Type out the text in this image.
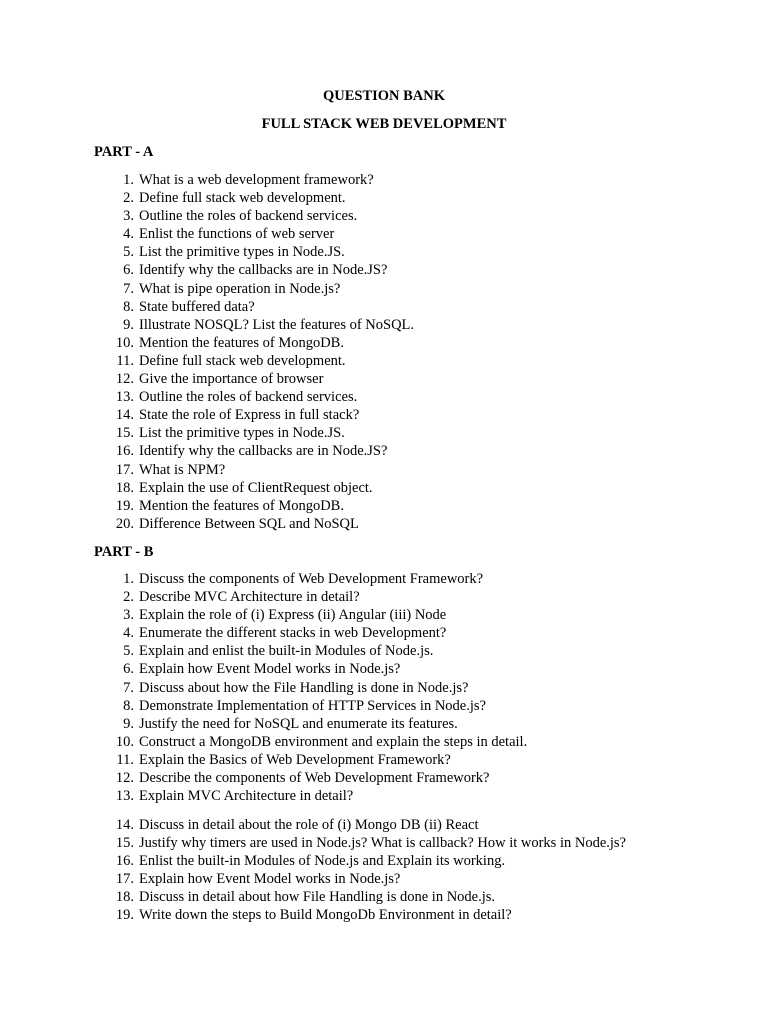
QUESTION BANK
FULL STACK WEB DEVELOPMENT
PART - A
1. What is a web development framework?
2. Define full stack web development.
3. Outline the roles of backend services.
4. Enlist the functions of web server
5. List the primitive types in Node.JS.
6. Identify why the callbacks are in Node.JS?
7. What is pipe operation in Node.js?
8. State buffered data?
9. Illustrate NOSQL? List the features of NoSQL.
10. Mention the features of MongoDB.
11. Define full stack web development.
12. Give the importance of browser
13. Outline the roles of backend services.
14. State the role of Express in full stack?
15. List the primitive types in Node.JS.
16. Identify why the callbacks are in Node.JS?
17. What is NPM?
18. Explain the use of ClientRequest object.
19. Mention the features of MongoDB.
20. Difference Between SQL and NoSQL
PART - B
1. Discuss the components of Web Development Framework?
2. Describe MVC Architecture in detail?
3. Explain the role of (i) Express (ii) Angular (iii) Node
4. Enumerate the different stacks in web Development?
5. Explain and enlist the built-in Modules of Node.js.
6. Explain how Event Model works in Node.js?
7. Discuss about how the File Handling is done in Node.js?
8. Demonstrate Implementation of HTTP Services in Node.js?
9. Justify the need for NoSQL and enumerate its features.
10. Construct a MongoDB environment and explain the steps in detail.
11. Explain the Basics of Web Development Framework?
12. Describe the components of Web Development Framework?
13. Explain MVC Architecture in detail?
14. Discuss in detail about the role of (i) Mongo DB (ii) React
15. Justify why timers are used in Node.js? What is callback? How it works in Node.js?
16. Enlist the built-in Modules of Node.js and Explain its working.
17. Explain how Event Model works in Node.js?
18. Discuss in detail about how File Handling is done in Node.js.
19. Write down the steps to Build MongoDb Environment in detail?
